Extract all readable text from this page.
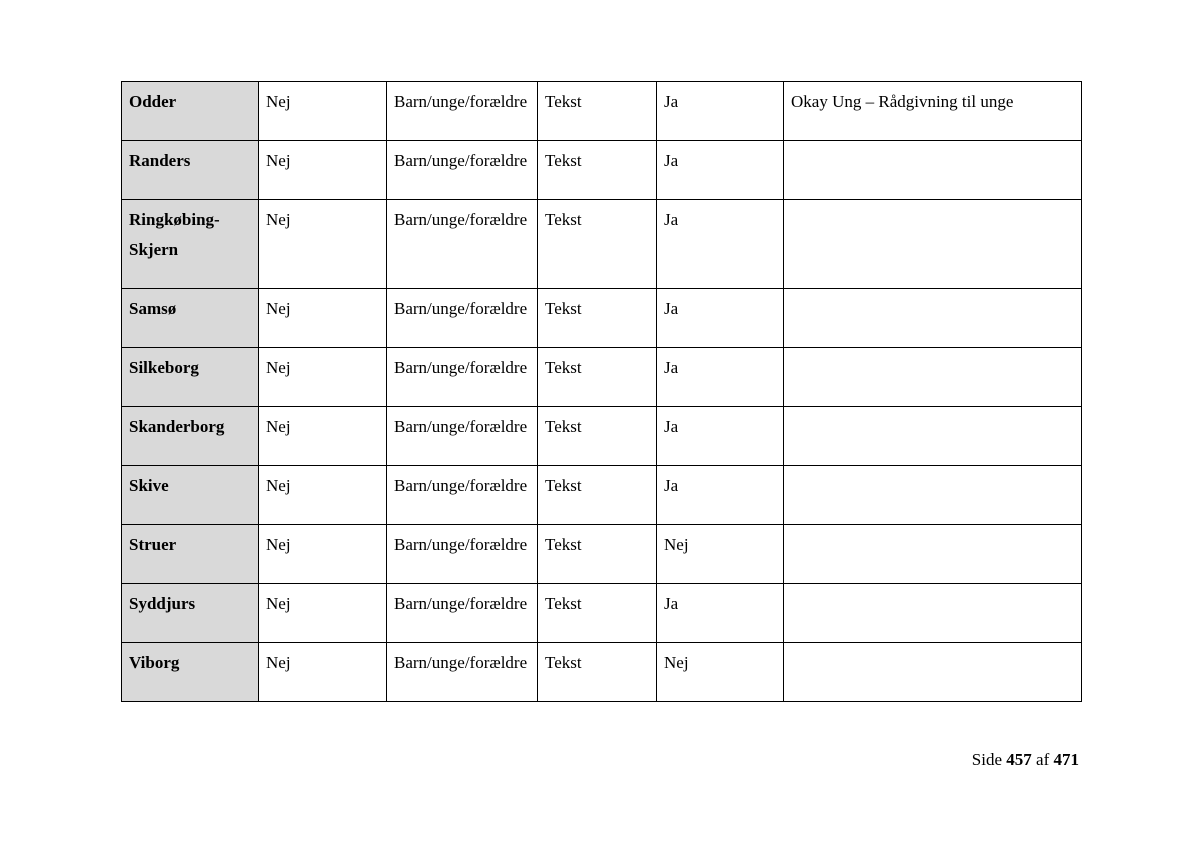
Odder	Nej	Barn/unge/forældre	Tekst	Ja	Okay Ung – Rådgivning til unge
Randers	Nej	Barn/unge/forældre	Tekst	Ja	
Ringkøbing-Skjern	Nej	Barn/unge/forældre	Tekst	Ja	
Samsø	Nej	Barn/unge/forældre	Tekst	Ja	
Silkeborg	Nej	Barn/unge/forældre	Tekst	Ja	
Skanderborg	Nej	Barn/unge/forældre	Tekst	Ja	
Skive	Nej	Barn/unge/forældre	Tekst	Ja	
Struer	Nej	Barn/unge/forældre	Tekst	Nej	
Syddjurs	Nej	Barn/unge/forældre	Tekst	Ja	
Viborg	Nej	Barn/unge/forældre	Tekst	Nej	
Side 457 af 471
